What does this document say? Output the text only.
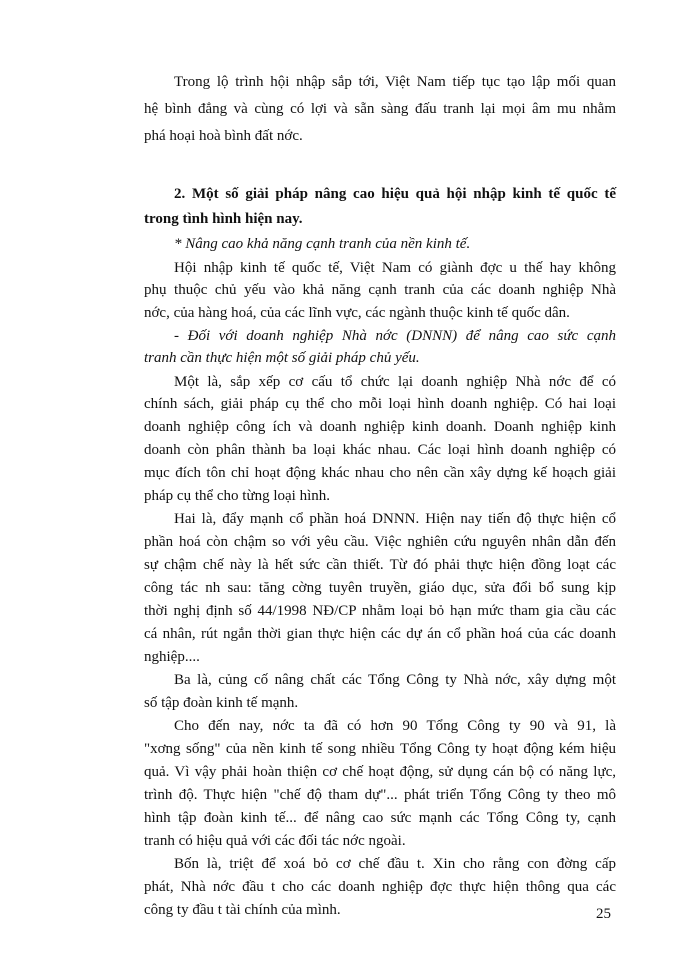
Trong lộ trình hội nhập sắp tới, Việt Nam tiếp tục tạo lập mối quan
hệ bình đẳng và cùng có lợi và sẵn sàng đấu tranh lại mọi âm mu nhằm
phá hoại hoà bình đất nớc.
2. Một số giải pháp nâng cao hiệu quả hội nhập kinh tế quốc tế
trong tình hình hiện nay.
* Nâng cao khả năng cạnh tranh của nền kinh tế.
Hội nhập kinh tế quốc tế, Việt Nam có giành đợc u thế hay không
phụ thuộc chủ yếu vào khả năng cạnh tranh của các doanh nghiệp Nhà
nớc, của hàng hoá, của các lĩnh vực, các ngành thuộc kinh tế quốc dân.
- Đối với doanh nghiệp Nhà nớc (DNNN) để nâng cao sức cạnh
tranh cần thực hiện một số giải pháp chủ yếu.
Một là, sắp xếp cơ cấu tổ chức lại doanh nghiệp Nhà nớc để có
chính sách, giải pháp cụ thể cho mỗi loại hình doanh nghiệp. Có hai loại
doanh nghiệp công ích và doanh nghiệp kinh doanh. Doanh nghiệp kinh
doanh còn phân thành ba loại khác nhau. Các loại hình doanh nghiệp có
mục đích tôn chỉ hoạt động khác nhau cho nên cần xây dựng kế hoạch giải
pháp cụ thể cho từng loại hình.
Hai là, đẩy mạnh cổ phần hoá DNNN. Hiện nay tiến độ thực hiện cổ
phần hoá còn chậm so với yêu cầu. Việc nghiên cứu nguyên nhân dẫn đến
sự chậm chế này là hết sức cần thiết. Từ đó phải thực hiện đồng loạt các
công tác nh sau: tăng cờng tuyên truyền, giáo dục, sửa đổi bổ sung kịp
thời nghị định số 44/1998 NĐ/CP nhằm loại bỏ hạn mức tham gia cầu các
cá nhân, rút ngắn thời gian thực hiện các dự án cổ phần hoá của các doanh
nghiệp....
Ba là, củng cố nâng chất các Tổng Công ty Nhà nớc, xây dựng một
số tập đoàn kinh tế mạnh.
Cho đến nay, nớc ta đã có hơn 90 Tổng Công ty 90 và 91, là
"xơng sống" của nền kinh tế song nhiều Tổng Công ty hoạt động kém hiệu
quả. Vì vậy phải hoàn thiện cơ chế hoạt động, sử dụng cán bộ có năng lực,
trình độ. Thực hiện "chế độ tham dự"... phát triển Tổng Công ty theo mô
hình tập đoàn kinh tế... để nâng cao sức mạnh các Tổng Công ty, cạnh
tranh có hiệu quả với các đối tác nớc ngoài.
Bốn là, triệt để xoá bỏ cơ chế đầu t. Xin cho rằng con đờng cấp
phát, Nhà nớc đầu t cho các doanh nghiệp đợc thực hiện thông qua các
công ty đầu t tài chính của mình.	25
